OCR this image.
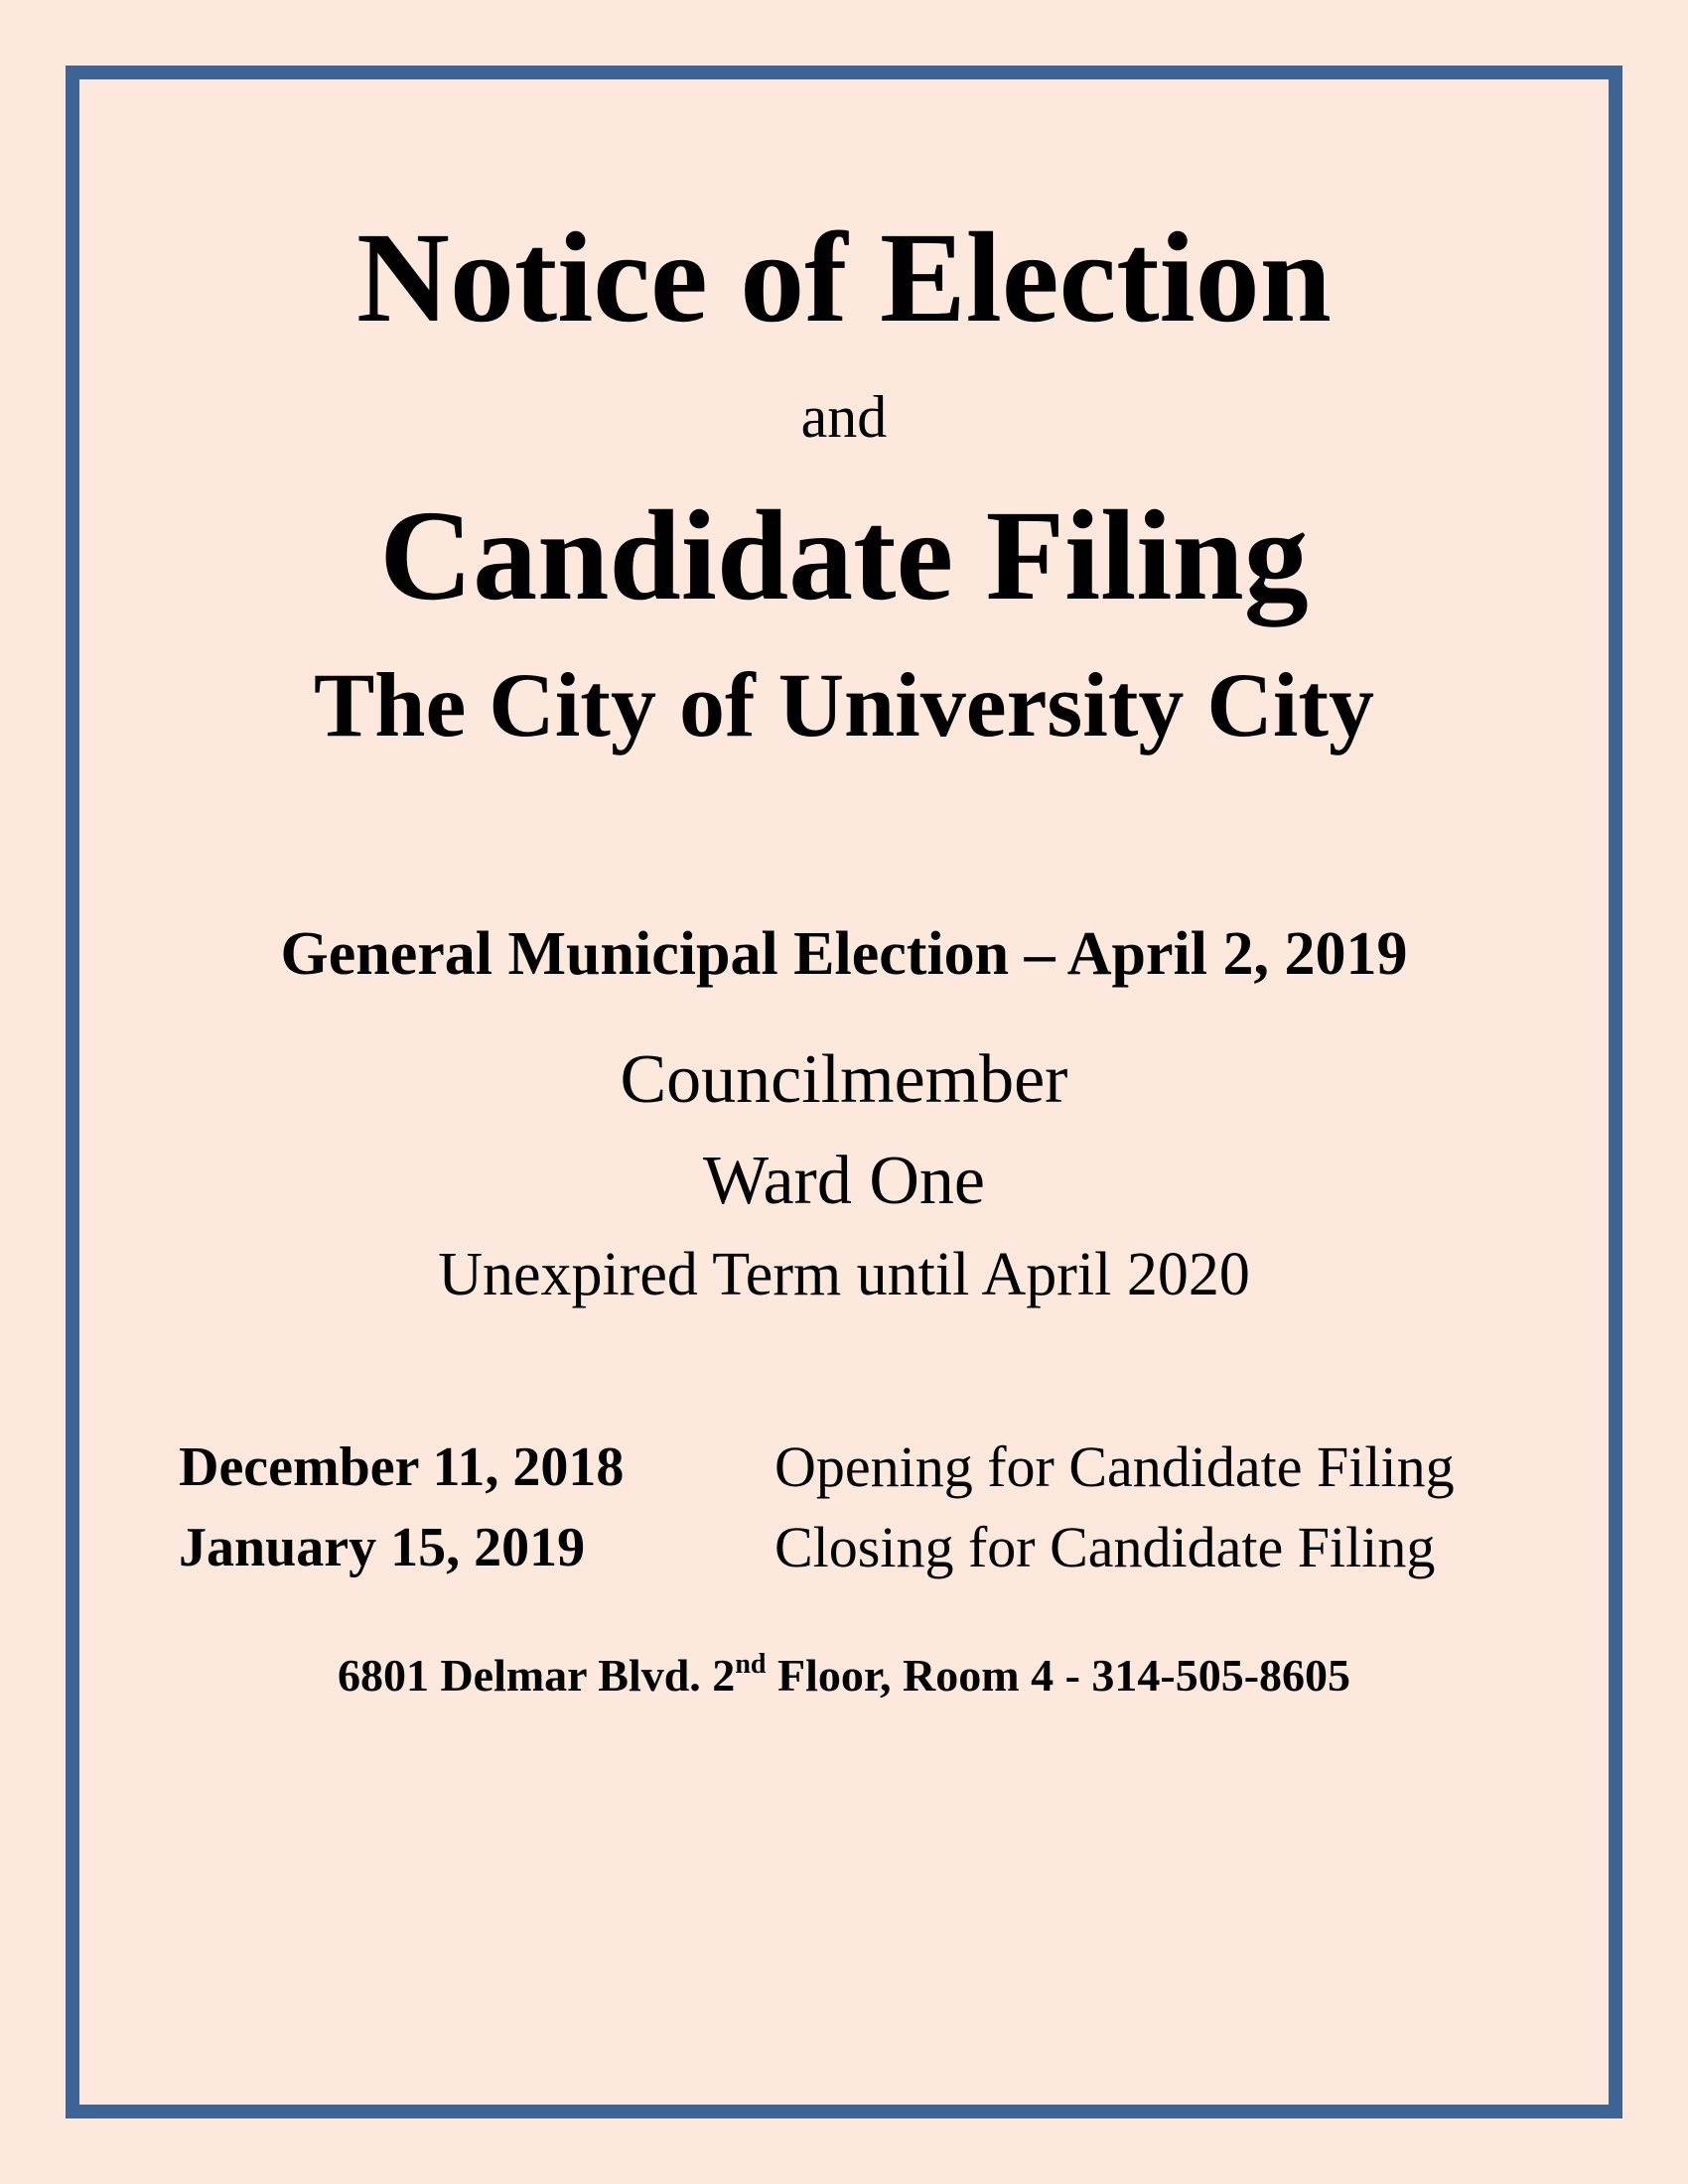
Notice of Election
and
Candidate Filing
The City of University City
General Municipal Election – April 2, 2019
Councilmember
Ward One
Unexpired Term until April 2020
December 11, 2018	Opening for Candidate Filing
January 15, 2019	Closing for Candidate Filing
6801 Delmar Blvd. 2nd Floor, Room 4 - 314-505-8605
